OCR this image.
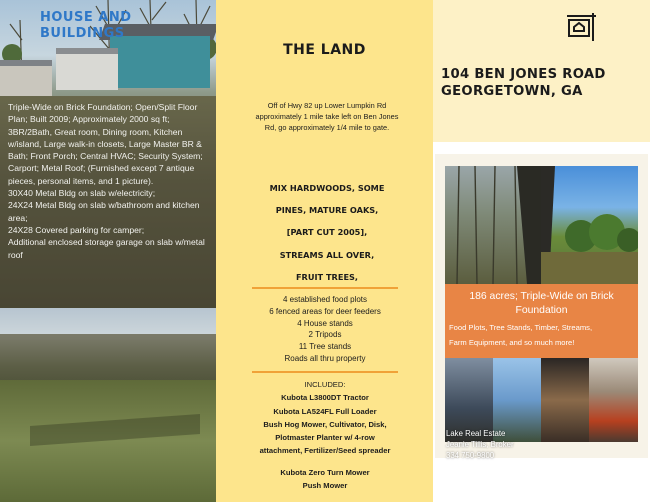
HOUSE AND
BUILDINGS
Triple-Wide on Brick Foundation; Open/Split Floor Plan; Built 2009; Approximately 2000 sq ft; 3BR/2Bath, Great room, Dining room, Kitchen w/island, Large walk-in closets, Large Master BR & Bath; Front Porch; Central HVAC; Security System; Carport; Metal Roof; (Furnished except 7 antique pieces, personal items, and 1 picture).
30X40 Metal Bldg on slab w/electricity;
24X24 Metal Bldg on slab w/bathroom and kitchen area;
24X28 Covered parking for camper;
Additional enclosed storage garage on slab w/metal roof
THE LAND
Off of Hwy 82 up Lower Lumpkin Rd approximately 1 mile take left on Ben Jones Rd, go approximately 1/4 mile to gate.
MIX HARDWOODS, SOME
PINES, MATURE OAKS,
[PART CUT 2005],
STREAMS ALL OVER,
FRUIT TREES,
4 established food plots
6 fenced areas for deer feeders
4 House stands
2 Tripods
11 Tree stands
Roads all thru property
INCLUDED:
Kubota L3800DT Tractor
Kubota LA524FL Full Loader
Bush Hog Mower, Cultivator, Disk,
Plotmaster Planter w/ 4-row
attachment, Fertilizer/Seed spreader
Kubota Zero Turn Mower
Push Mower
104 BEN JONES ROAD
GEORGETOWN, GA
186 acres; Triple-Wide on Brick
Foundation
Food Plots, Tree Stands, Timber, Streams,
Farm Equipment, and so much more!
Lake Real Estate
Jeanie Tillis, Broker
334 750-9800
